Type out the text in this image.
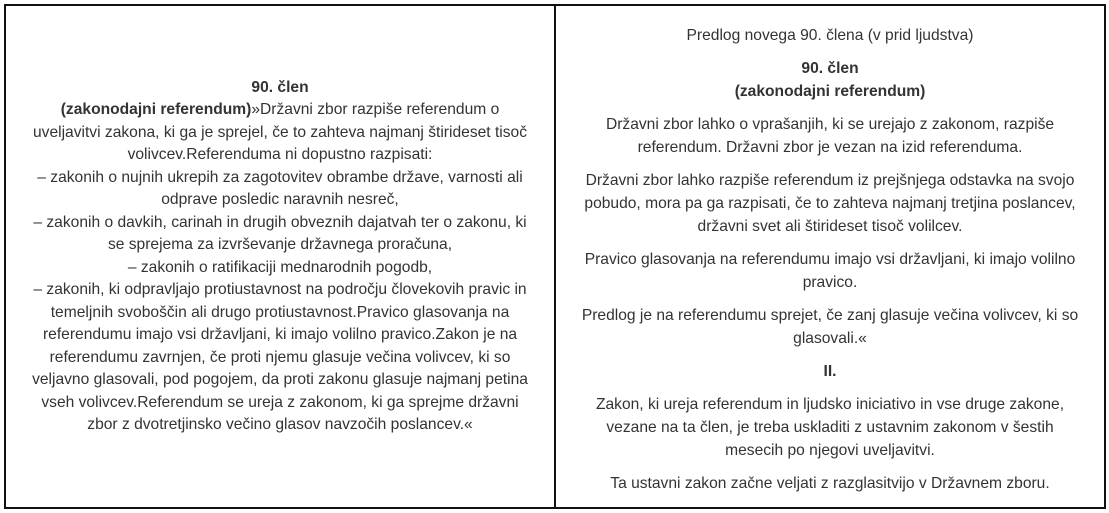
90. člen
(zakonodajni referendum)»Državni zbor razpiše referendum o
uveljavitvi zakona, ki ga je sprejel, če to zahteva najmanj štirideset tisoč
volivcev.Referenduma ni dopustno razpisati:
– zakonih o nujnih ukrepih za zagotovitev obrambe države, varnosti ali
odprave posledic naravnih nesreč,
– zakonih o davkih, carinah in drugih obveznih dajatvah ter o zakonu, ki
se sprejema za izvrševanje državnega proračuna,
– zakonih o ratifikaciji mednarodnih pogodb,
– zakonih, ki odpravljajo protiustavnost na področju človekovih pravic in
temeljnih svoboščin ali drugo protiustavnost.Pravico glasovanja na
referendumu imajo vsi državljani, ki imajo volilno pravico.Zakon je na
referendumu zavrnjen, če proti njemu glasuje večina volivcev, ki so
veljavno glasovali, pod pogojem, da proti zakonu glasuje najmanj petina
vseh volivcev.Referendum se ureja z zakonom, ki ga sprejme državni
zbor z dvotretjinsko večino glasov navzočih poslancev.«

Predlog novega 90. člena (v prid ljudstva)

90. člen
(zakonodajni referendum)

Državni zbor lahko o vprašanjih, ki se urejajo z zakonom, razpiše
referendum. Državni zbor je vezan na izid referenduma.

Državni zbor lahko razpiše referendum iz prejšnjega odstavka na svojo
pobudo, mora pa ga razpisati, če to zahteva najmanj tretjina poslancev,
državni svet ali štirideset tisoč volilcev.

Pravico glasovanja na referendumu imajo vsi državljani, ki imajo volilno
pravico.

Predlog je na referendumu sprejet, če zanj glasuje večina volivcev, ki so
glasovali.«

II.

Zakon, ki ureja referendum in ljudsko iniciativo in vse druge zakone,
vezane na ta člen, je treba uskladiti z ustavnim zakonom v šestih
mesecih po njegovi uveljavitvi.

Ta ustavni zakon začne veljati z razglasitvijo v Državnem zboru.
